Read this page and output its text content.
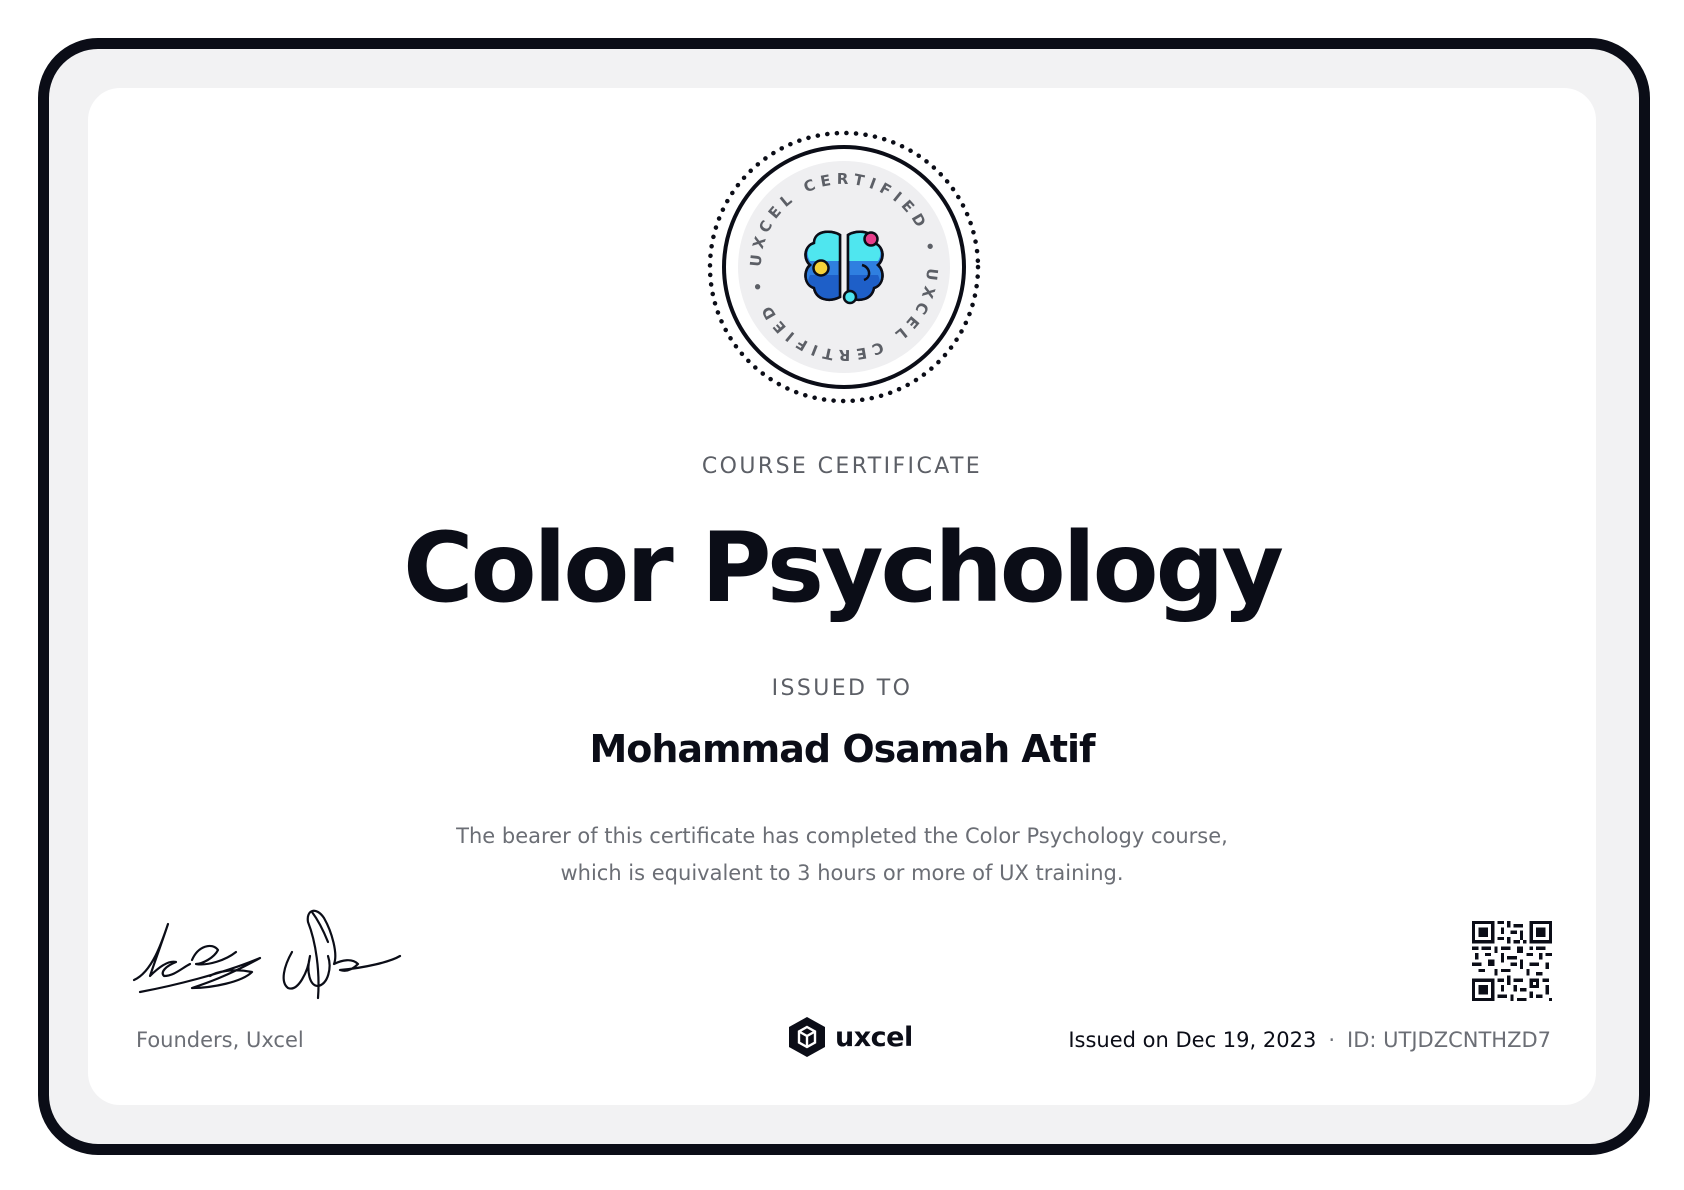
UXCEL CERTIFIED • UXCEL CERTIFIED •
COURSE CERTIFICATE
Color Psychology
ISSUED TO
Mohammad Osamah Atif
The bearer of this certificate has completed the Color Psychology course,
which is equivalent to 3 hours or more of UX training.
Founders, Uxcel	uxcel	Issued on Dec 19, 2023 · ID: UTJDZCNTHZD7
